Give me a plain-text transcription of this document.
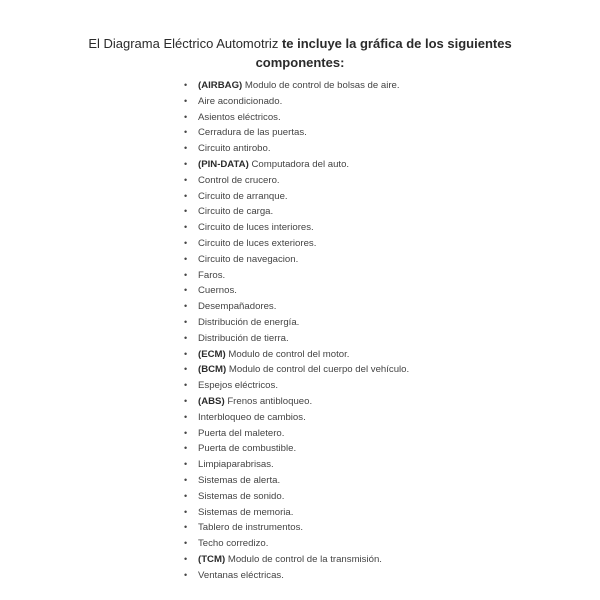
El Diagrama Eléctrico Automotriz te incluye la gráfica de los siguientes
componentes:
• (AIRBAG) Modulo de control de bolsas de aire.
• Aire acondicionado.
• Asientos eléctricos.
• Cerradura de las puertas.
• Circuito antirobo.
• (PIN-DATA) Computadora del auto.
• Control de crucero.
• Circuito de arranque.
• Circuito de carga.
• Circuito de luces interiores.
• Circuito de luces exteriores.
• Circuito de navegacion.
• Faros.
• Cuernos.
• Desempañadores.
• Distribución de energía.
• Distribución de tierra.
• (ECM) Modulo de control del motor.
• (BCM) Modulo de control del cuerpo del vehículo.
• Espejos eléctricos.
• (ABS) Frenos antibloqueo.
• Interbloqueo de cambios.
• Puerta del maletero.
• Puerta de combustible.
• Limpiaparabrisas.
• Sistemas de alerta.
• Sistemas de sonido.
• Sistemas de memoria.
• Tablero de instrumentos.
• Techo corredizo.
• (TCM) Modulo de control de la transmisión.
• Ventanas eléctricas.
